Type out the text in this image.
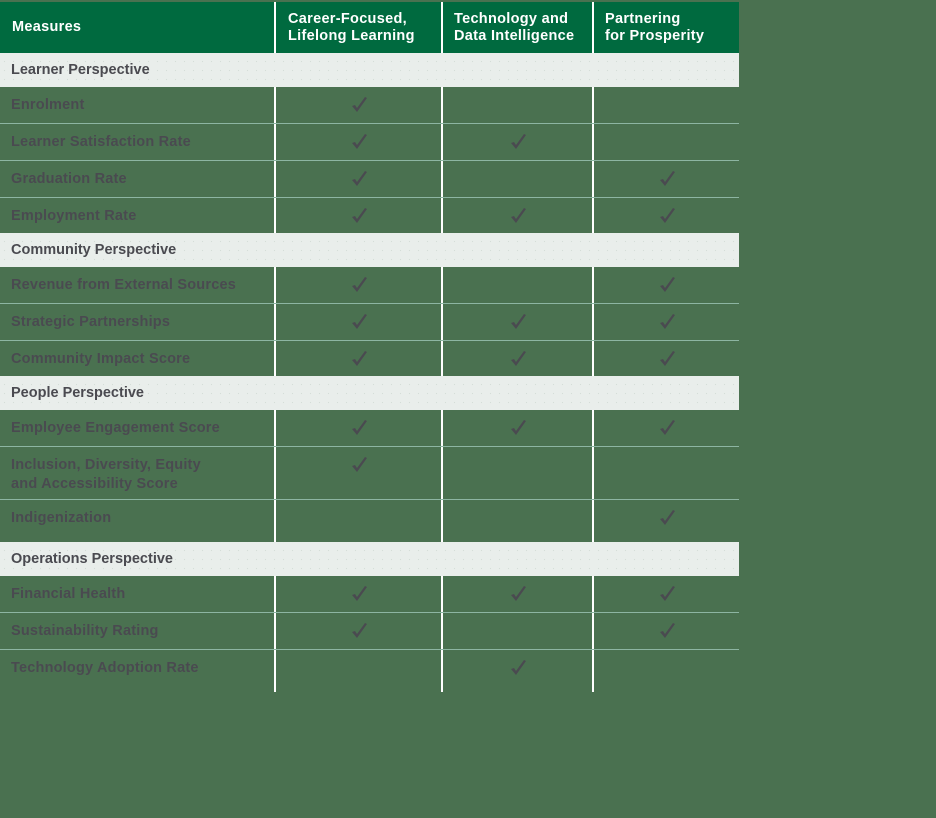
Measures
Career-Focused,
Lifelong Learning
Technology and
Data Intelligence
Partnering
for Prosperity
Learner Perspective
Enrolment
Learner Satisfaction Rate
Graduation Rate
Employment Rate
Community Perspective
Revenue from External Sources
Strategic Partnerships
Community Impact Score
People Perspective
Employee Engagement Score
Inclusion, Diversity, Equity
and Accessibility Score
Indigenization
Operations Perspective
Financial Health
Sustainability Rating
Technology Adoption Rate
